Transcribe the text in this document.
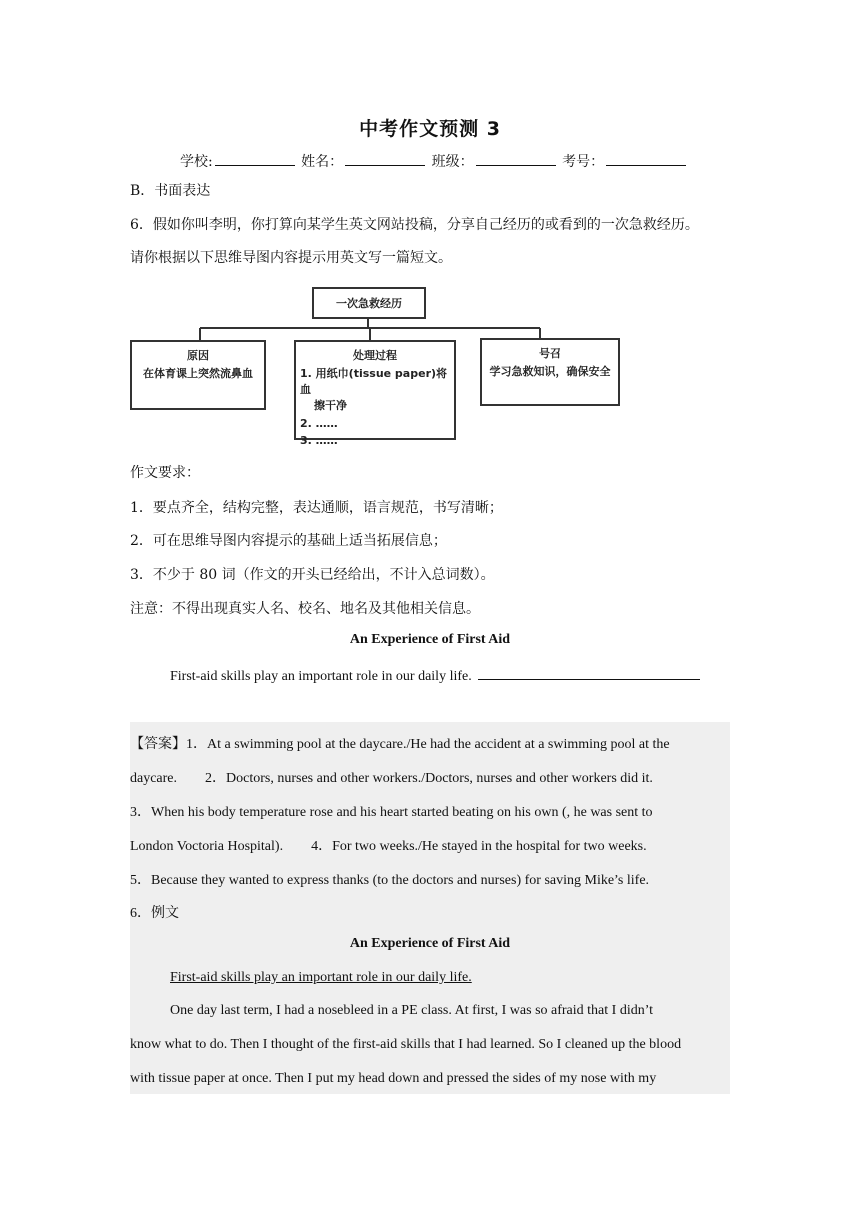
中考作文预测 3
学校:	姓名：	班级：	考号：
B．书面表达
6．假如你叫李明，你打算向某学生英文网站投稿，分享自己经历的或看到的一次急救经历。
请你根据以下思维导图内容提示用英文写一篇短文。
一次急救经历
原因
在体育课上突然流鼻血
处理过程
1. 用纸巾(tissue paper)将血
擦干净
2. ……
3. ……
号召
学习急救知识，确保安全
作文要求：
1．要点齐全，结构完整，表达通顺，语言规范，书写清晰；
2．可在思维导图内容提示的基础上适当拓展信息；
3．不少于 80 词（作文的开头已经给出，不计入总词数）。
注意：不得出现真实人名、校名、地名及其他相关信息。
An Experience of First Aid
First-aid skills play an important role in our daily life.
【答案】1．At a swimming pool at the daycare./He had the accident at a swimming pool at the
daycare. 2．Doctors, nurses and other workers./Doctors, nurses and other workers did it.
3．When his body temperature rose and his heart started beating on his own (, he was sent to
London Voctoria Hospital). 4．For two weeks./He stayed in the hospital for two weeks.
5．Because they wanted to express thanks (to the doctors and nurses) for saving Mike’s life.
6．例文
An Experience of First Aid
First-aid skills play an important role in our daily life.
One day last term, I had a nosebleed in a PE class. At first, I was so afraid that I didn’t
know what to do. Then I thought of the first-aid skills that I had learned. So I cleaned up the blood
with tissue paper at once. Then I put my head down and pressed the sides of my nose with my
